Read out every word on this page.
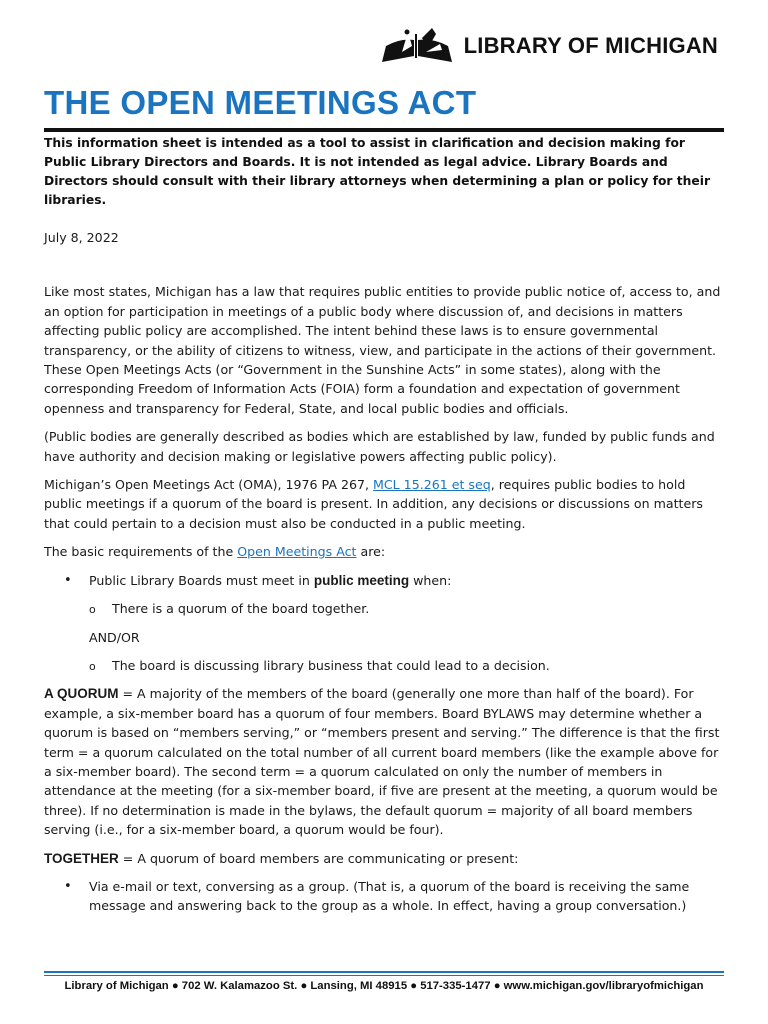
LIBRARY OF MICHIGAN
THE OPEN MEETINGS ACT

This information sheet is intended as a tool to assist in clarification and decision making for Public Library Directors and Boards. It is not intended as legal advice. Library Boards and Directors should consult with their library attorneys when determining a plan or policy for their libraries.

July 8, 2022

Like most states, Michigan has a law that requires public entities to provide public notice of, access to, and an option for participation in meetings of a public body where discussion of, and decisions in matters affecting public policy are accomplished. The intent behind these laws is to ensure governmental transparency, or the ability of citizens to witness, view, and participate in the actions of their government. These Open Meetings Acts (or “Government in the Sunshine Acts” in some states), along with the corresponding Freedom of Information Acts (FOIA) form a foundation and expectation of government openness and transparency for Federal, State, and local public bodies and officials.

(Public bodies are generally described as bodies which are established by law, funded by public funds and have authority and decision making or legislative powers affecting public policy).

Michigan’s Open Meetings Act (OMA), 1976 PA 267, MCL 15.261 et seq, requires public bodies to hold public meetings if a quorum of the board is present. In addition, any decisions or discussions on matters that could pertain to a decision must also be conducted in a public meeting.

The basic requirements of the Open Meetings Act are:

• Public Library Boards must meet in public meeting when:

o There is a quorum of the board together.

AND/OR

o The board is discussing library business that could lead to a decision.

A QUORUM = A majority of the members of the board (generally one more than half of the board). For example, a six-member board has a quorum of four members. Board BYLAWS may determine whether a quorum is based on “members serving,” or “members present and serving.” The difference is that the first term = a quorum calculated on the total number of all current board members (like the example above for a six-member board). The second term = a quorum calculated on only the number of members in attendance at the meeting (for a six-member board, if five are present at the meeting, a quorum would be three). If no determination is made in the bylaws, the default quorum = majority of all board members serving (i.e., for a six-member board, a quorum would be four).

TOGETHER = A quorum of board members are communicating or present:

• Via e-mail or text, conversing as a group. (That is, a quorum of the board is receiving the same message and answering back to the group as a whole. In effect, having a group conversation.)

Library of Michigan ● 702 W. Kalamazoo St. ● Lansing, MI 48915 ● 517-335-1477 ● www.michigan.gov/libraryofmichigan
